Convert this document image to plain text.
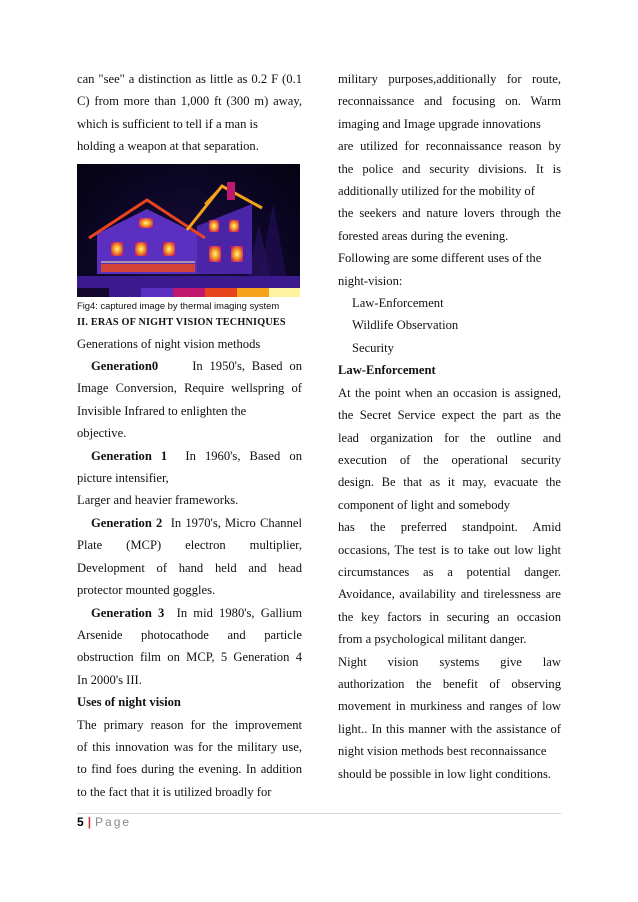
can "see" a distinction as little as 0.2 F (0.1

C) from more than 1,000 ft (300 m) away,

which is sufficient to tell if a man is

holding a weapon at that separation.

Fig4: captured image by thermal imaging system

II. ERAS OF NIGHT VISION TECHNIQUES

Generations of night vision methods

Generation0	In 1950's, Based on

Image Conversion, Require wellspring of

Invisible Infrared to enlighten the

objective.

Generation 1 In 1960's, Based on

picture intensifier,

Larger and heavier frameworks.

Generation 2 In 1970's, Micro Channel

Plate (MCP) electron multiplier,

Development of hand held and head

protector mounted goggles.

Generation 3 In mid 1980's, Gallium

Arsenide photocathode and particle

obstruction film on MCP, 5 Generation 4

In 2000's III.

Uses of night vision

The primary reason for the improvement

of this innovation was for the military use,

to find foes during the evening. In addition

to the fact that it is utilized broadly for

military purposes,additionally for route,

reconnaissance and focusing on. Warm

imaging and Image upgrade innovations

are utilized for reconnaissance reason by

the police and security divisions. It is

additionally utilized for the mobility of

the seekers and nature lovers through the

forested areas during the evening.

Following are some different uses of the

night-vision:

Law-Enforcement

Wildlife Observation

Security

Law-Enforcement

At the point when an occasion is assigned,

the Secret Service expect the part as the

lead organization for the outline and

execution of the operational security

design. Be that as it may, evacuate the

component of light and somebody

has the preferred standpoint. Amid

occasions, The test is to take out low light

circumstances as a potential danger.

Avoidance, availability and tirelessness are

the key factors in securing an occasion

from a psychological militant danger.

Night vision systems give law

authorization the benefit of observing

movement in murkiness and ranges of low

light.. In this manner with the assistance of

night vision methods best reconnaissance

should be possible in low light conditions.

5 | Page
